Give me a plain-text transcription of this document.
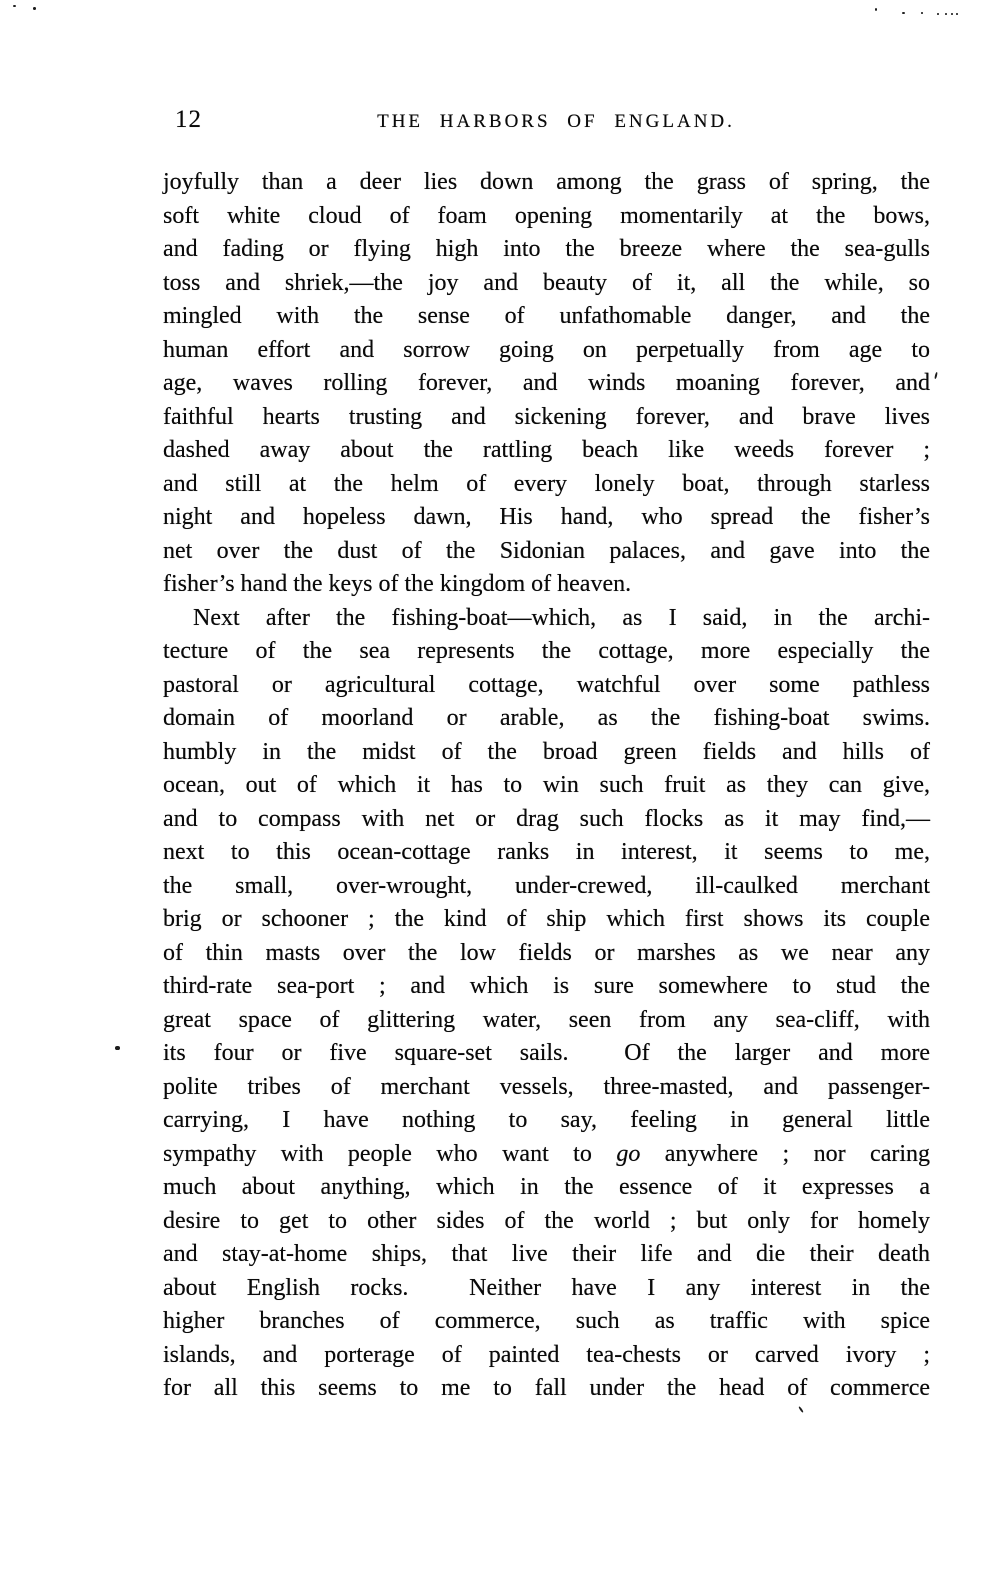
12	THE HARBORS OF ENGLAND.
joyfully than a deer lies down among the grass of spring, the
soft white cloud of foam opening momentarily at the bows,
and fading or flying high into the breeze where the sea-gulls
toss and shriek,—the joy and beauty of it, all the while, so
mingled with the sense of unfathomable danger, and the
human effort and sorrow going on perpetually from age to
age, waves rolling forever, and winds moaning forever, and
faithful hearts trusting and sickening forever, and brave lives
dashed away about the rattling beach like weeds forever ;
and still at the helm of every lonely boat, through starless
night and hopeless dawn, His hand, who spread the fisher’s
net over the dust of the Sidonian palaces, and gave into the
fisher’s hand the keys of the kingdom of heaven.
Next after the fishing-boat—which, as I said, in the archi-
tecture of the sea represents the cottage, more especially the
pastoral or agricultural cottage, watchful over some pathless
domain of moorland or arable, as the fishing-boat swims.
humbly in the midst of the broad green fields and hills of
ocean, out of which it has to win such fruit as they can give,
and to compass with net or drag such flocks as it may find,—
next to this ocean-cottage ranks in interest, it seems to me,
the small, over-wrought, under-crewed, ill-caulked merchant
brig or schooner ; the kind of ship which first shows its couple
of thin masts over the low fields or marshes as we near any
third-rate sea-port ; and which is sure somewhere to stud the
great space of glittering water, seen from any sea-cliff, with
its four or five square-set sails.  Of the larger and more
polite tribes of merchant vessels, three-masted, and passenger-
carrying, I have nothing to say, feeling in general little
sympathy with people who want to go anywhere ; nor caring
much about anything, which in the essence of it expresses a
desire to get to other sides of the world ; but only for homely
and stay-at-home ships, that live their life and die their death
about English rocks.  Neither have I any interest in the
higher branches of commerce, such as traffic with spice
islands, and porterage of painted tea-chests or carved ivory ;
for all this seems to me to fall under the head of commerce
